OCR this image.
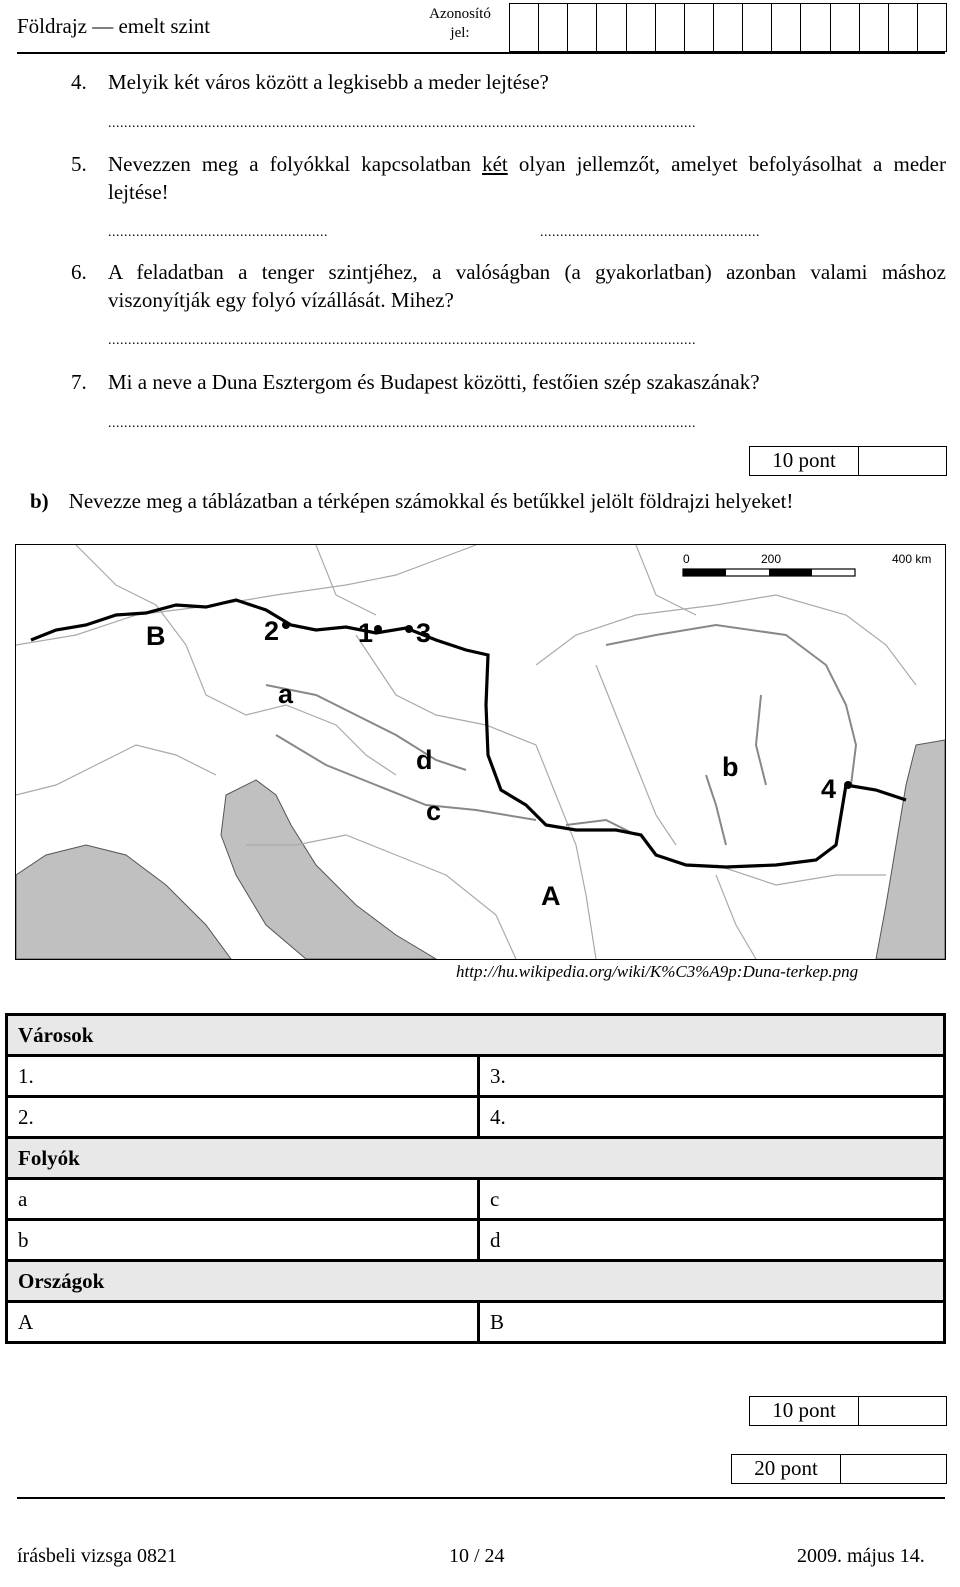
Földrajz — emelt szint	Azonosító
jel:
4. Melyik két város között a legkisebb a meder lejtése?
...................................................................................................................................................
5. Nevezzen meg a folyókkal kapcsolatban két olyan jellemzőt, amelyet befolyásolhat a meder lejtése!
.......................................................	.......................................................
6. A feladatban a tenger szintjéhez, a valóságban (a gyakorlatban) azonban valami máshoz viszonyítják egy folyó vízállását. Mihez?
...................................................................................................................................................
7. Mi a neve a Duna Esztergom és Budapest közötti, festőien szép szakaszának?
...................................................................................................................................................
10 pont
b) Nevezze meg a táblázatban a térképen számokkal és betűkkel jelölt földrajzi helyeket!
0	200	400 km
B	2	1 3
a
d
c
b
4
A
http://hu.wikipedia.org/wiki/K%C3%A9p:Duna-terkep.png
Városok	
1.	3.
2.	4.
Folyók	
a	c
b	d
Országok	
A	B
10 pont
20 pont
írásbeli vizsga 0821	10 / 24	2009. május 14.
